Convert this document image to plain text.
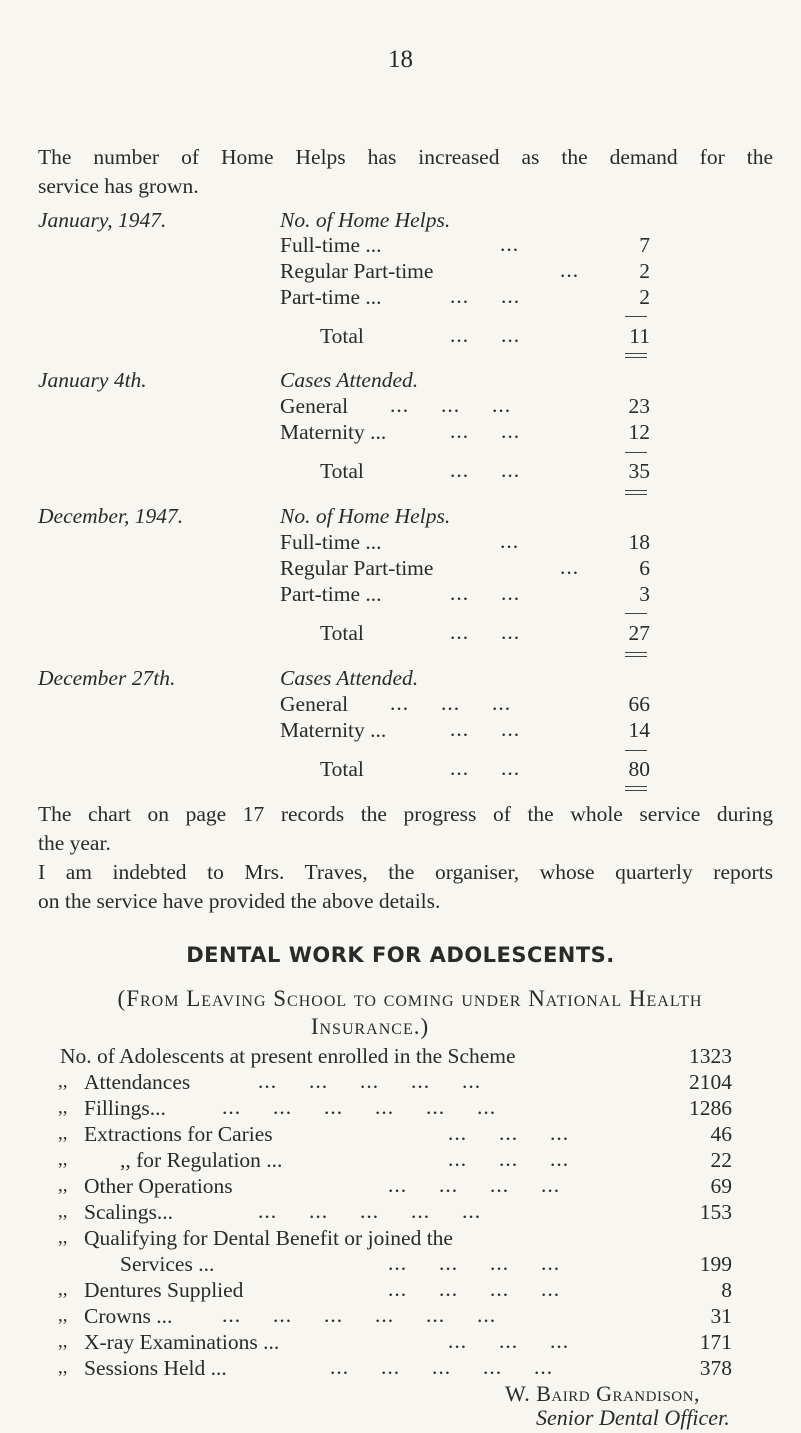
18
The number of Home Helps has increased as the demand for the
service has grown.
January, 1947.	No. of Home Helps.
Full-time ...	...	7
Regular Part-time	...	2
Part-time ...	...     ...	2
Total	...     ...	11
January 4th.	Cases Attended.
General ...     ...     ...	23
Maternity ...	...     ...	12
Total	...     ...	35
December, 1947.	No. of Home Helps.
Full-time ...	...	18
Regular Part-time	...	6
Part-time ...	...     ...	3
Total	...     ...	27
December 27th.	Cases Attended.
General ...     ...     ...	66
Maternity ...	...     ...	14
Total	...     ...	80
The chart on page 17 records the progress of the whole service during
the year.
I am indebted to Mrs. Traves, the organiser, whose quarterly reports
on the service have provided the above details.
DENTAL WORK FOR ADOLESCENTS.
(From Leaving School to coming under National Health
Insurance.)
No. of Adolescents at present enrolled in the Scheme	1323
,, Attendances	...     ...     ...     ...     ...	2104
,, Fillings...	...     ...     ...     ...     ...     ...	1286
,, Extractions for Caries	...     ...     ...	46
,, ,, for Regulation ...	...     ...     ...	22
,, Other Operations	...     ...     ...     ...	69
,, Scalings...	...     ...     ...     ...     ...	153
,, Qualifying for Dental Benefit or joined the
Services ...	...     ...     ...     ...	199
,, Dentures Supplied	...     ...     ...     ...	8
,, Crowns ... ...     ...     ...     ...     ...     ...	31
,, X-ray Examinations ...	...     ...     ...	171
,, Sessions Held ...	...     ...     ...     ...     ...	378
W. Baird Grandison,
Senior Dental Officer.
